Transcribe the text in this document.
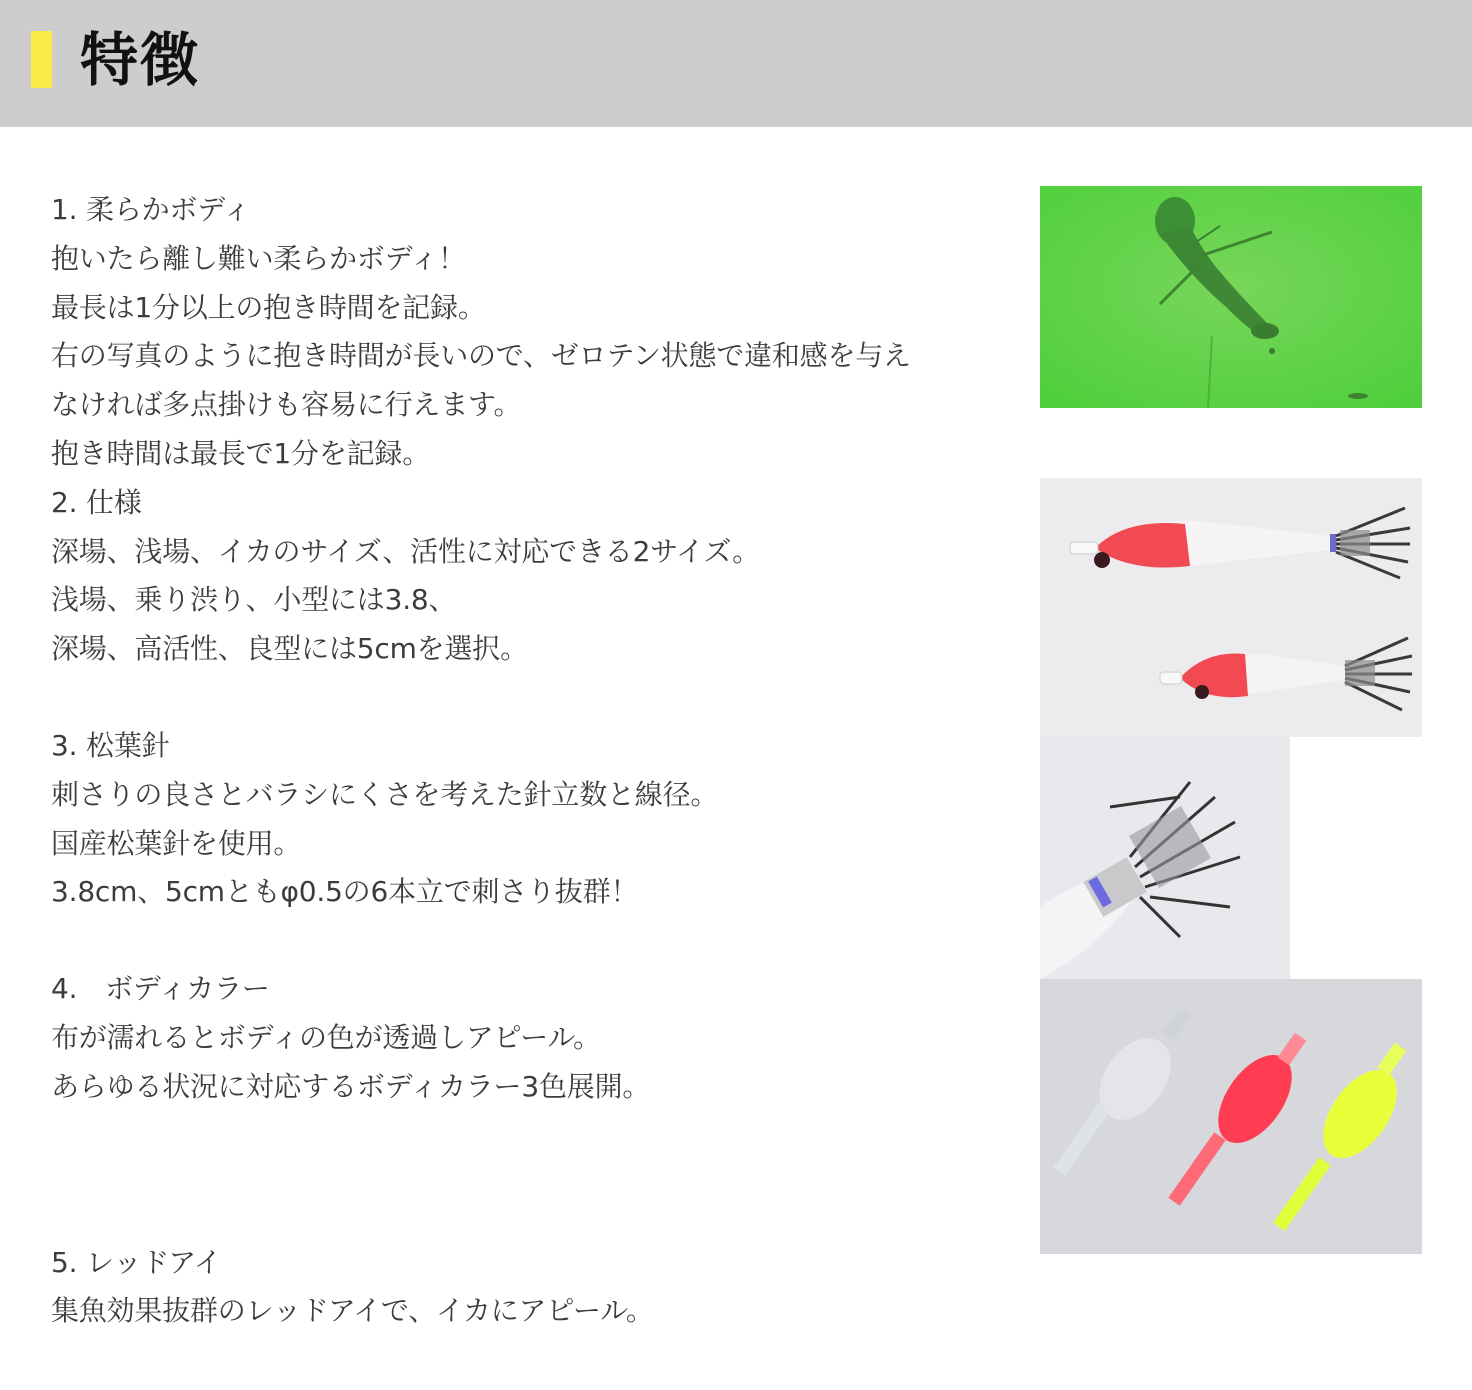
特徴
1. 柔らかボディ
抱いたら離し難い柔らかボディ！
最長は1分以上の抱き時間を記録。
右の写真のように抱き時間が長いので、ゼロテン状態で違和感を与え
なければ多点掛けも容易に行えます。
抱き時間は最長で1分を記録。
2. 仕様
深場、浅場、イカのサイズ、活性に対応できる2サイズ。
浅場、乗り渋り、小型には3.8、
深場、高活性、良型には5cmを選択。
3. 松葉針
刺さりの良さとバラシにくさを考えた針立数と線径。
国産松葉針を使用。
3.8cm、5cmともφ0.5の6本立で刺さり抜群！
4.　ボディカラー
布が濡れるとボディの色が透過しアピール。
あらゆる状況に対応するボディカラー3色展開。
5. レッドアイ
集魚効果抜群のレッドアイで、イカにアピール。
